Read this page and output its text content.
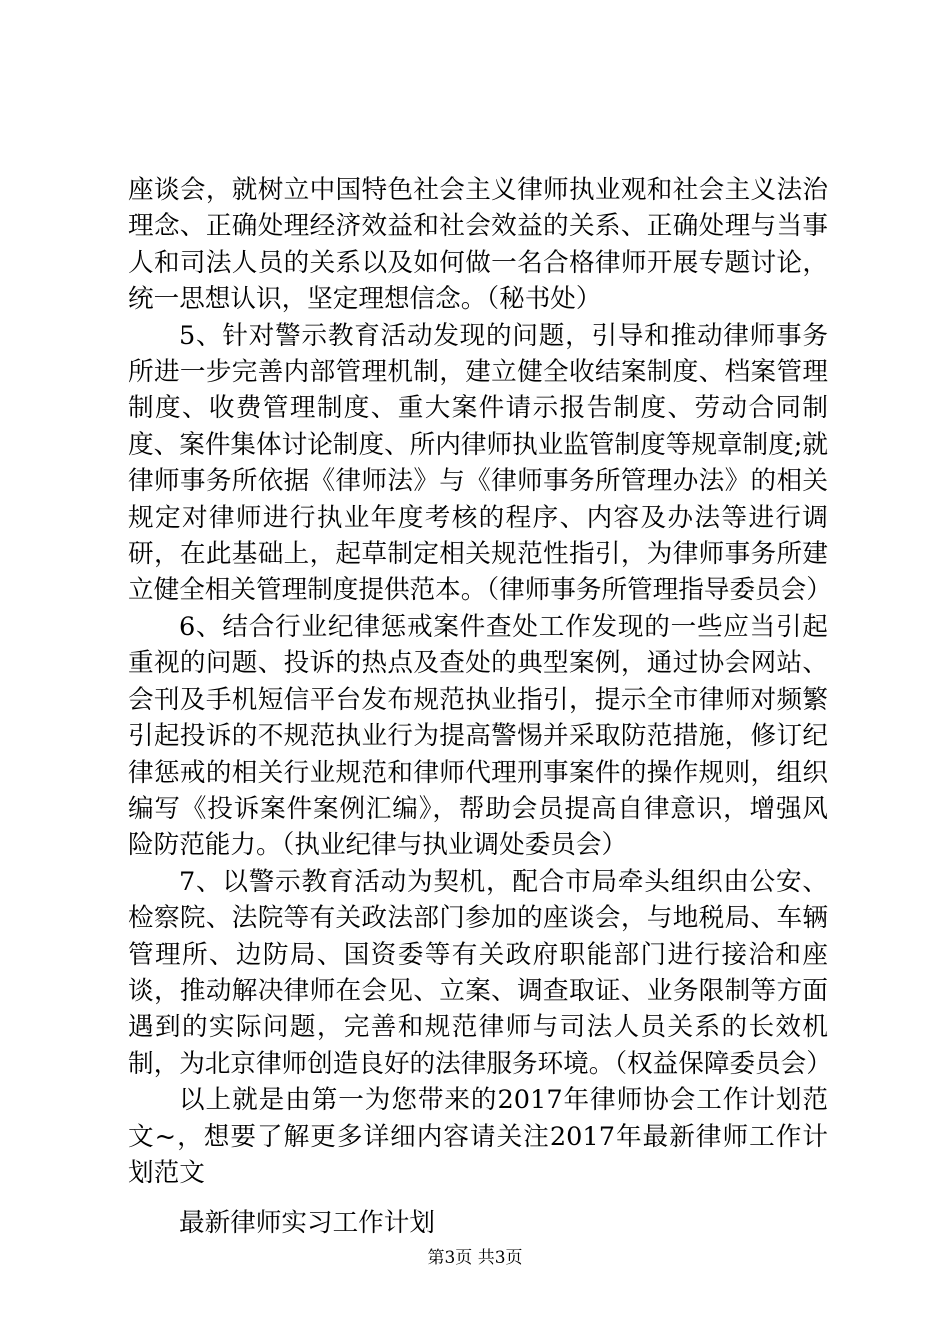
座谈会，就树立中国特色社会主义律师执业观和社会主义法治理念、正确处理经济效益和社会效益的关系、正确处理与当事人和司法人员的关系以及如何做一名合格律师开展专题讨论，统一思想认识，坚定理想信念。（秘书处）

5、针对警示教育活动发现的问题，引导和推动律师事务所进一步完善内部管理机制，建立健全收结案制度、档案管理制度、收费管理制度、重大案件请示报告制度、劳动合同制度、案件集体讨论制度、所内律师执业监管制度等规章制度;就律师事务所依据《律师法》与《律师事务所管理办法》的相关规定对律师进行执业年度考核的程序、内容及办法等进行调研，在此基础上，起草制定相关规范性指引，为律师事务所建立健全相关管理制度提供范本。（律师事务所管理指导委员会）

6、结合行业纪律惩戒案件查处工作发现的一些应当引起重视的问题、投诉的热点及查处的典型案例，通过协会网站、会刊及手机短信平台发布规范执业指引，提示全市律师对频繁引起投诉的不规范执业行为提高警惕并采取防范措施，修订纪律惩戒的相关行业规范和律师代理刑事案件的操作规则，组织编写《投诉案件案例汇编》，帮助会员提高自律意识，增强风险防范能力。（执业纪律与执业调处委员会）

7、以警示教育活动为契机，配合市局牵头组织由公安、检察院、法院等有关政法部门参加的座谈会，与地税局、车辆管理所、边防局、国资委等有关政府职能部门进行接洽和座谈，推动解决律师在会见、立案、调查取证、业务限制等方面遇到的实际问题，完善和规范律师与司法人员关系的长效机制，为北京律师创造良好的法律服务环境。（权益保障委员会）

以上就是由第一为您带来的2017年律师协会工作计划范文~，想要了解更多详细内容请关注2017年最新律师工作计划范文

最新律师实习工作计划

第3页 共3页
